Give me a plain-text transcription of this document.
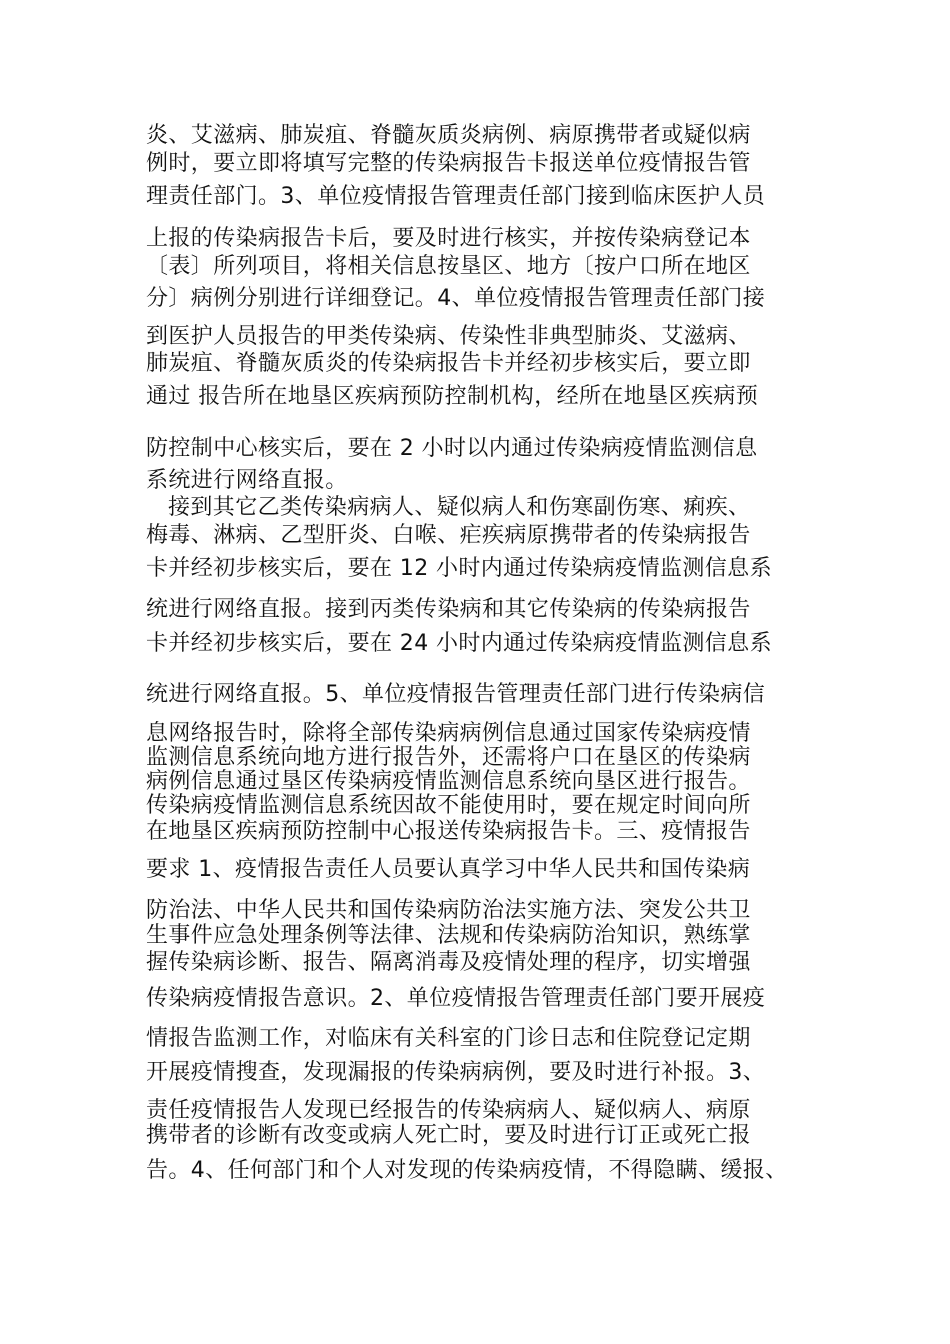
炎、艾滋病、肺炭疽、脊髓灰质炎病例、病原携带者或疑似病
例时，要立即将填写完整的传染病报告卡报送单位疫情报告管
理责任部门。3、单位疫情报告管理责任部门接到临床医护人员
上报的传染病报告卡后，要及时进行核实，并按传染病登记本
〔表〕所列项目，将相关信息按垦区、地方〔按户口所在地区
分〕病例分别进行详细登记。4、单位疫情报告管理责任部门接
到医护人员报告的甲类传染病、传染性非典型肺炎、艾滋病、
肺炭疽、脊髓灰质炎的传染病报告卡并经初步核实后，要立即
通过 报告所在地垦区疾病预防控制机构，经所在地垦区疾病预
防控制中心核实后，要在 2 小时以内通过传染病疫情监测信息
系统进行网络直报。
接到其它乙类传染病病人、疑似病人和伤寒副伤寒、痢疾、
梅毒、淋病、乙型肝炎、白喉、疟疾病原携带者的传染病报告
卡并经初步核实后，要在 12 小时内通过传染病疫情监测信息系
统进行网络直报。接到丙类传染病和其它传染病的传染病报告
卡并经初步核实后，要在 24 小时内通过传染病疫情监测信息系
统进行网络直报。5、单位疫情报告管理责任部门进行传染病信
息网络报告时，除将全部传染病病例信息通过国家传染病疫情
监测信息系统向地方进行报告外，还需将户口在垦区的传染病
病例信息通过垦区传染病疫情监测信息系统向垦区进行报告。
传染病疫情监测信息系统因故不能使用时，要在规定时间向所
在地垦区疾病预防控制中心报送传染病报告卡。三、疫情报告
要求 1、疫情报告责任人员要认真学习中华人民共和国传染病
防治法、中华人民共和国传染病防治法实施方法、突发公共卫
生事件应急处理条例等法律、法规和传染病防治知识，熟练掌
握传染病诊断、报告、隔离消毒及疫情处理的程序，切实增强
传染病疫情报告意识。2、单位疫情报告管理责任部门要开展疫
情报告监测工作，对临床有关科室的门诊日志和住院登记定期
开展疫情搜查，发现漏报的传染病病例，要及时进行补报。3、
责任疫情报告人发现已经报告的传染病病人、疑似病人、病原
携带者的诊断有改变或病人死亡时，要及时进行订正或死亡报
告。4、任何部门和个人对发现的传染病疫情，不得隐瞒、缓报、
